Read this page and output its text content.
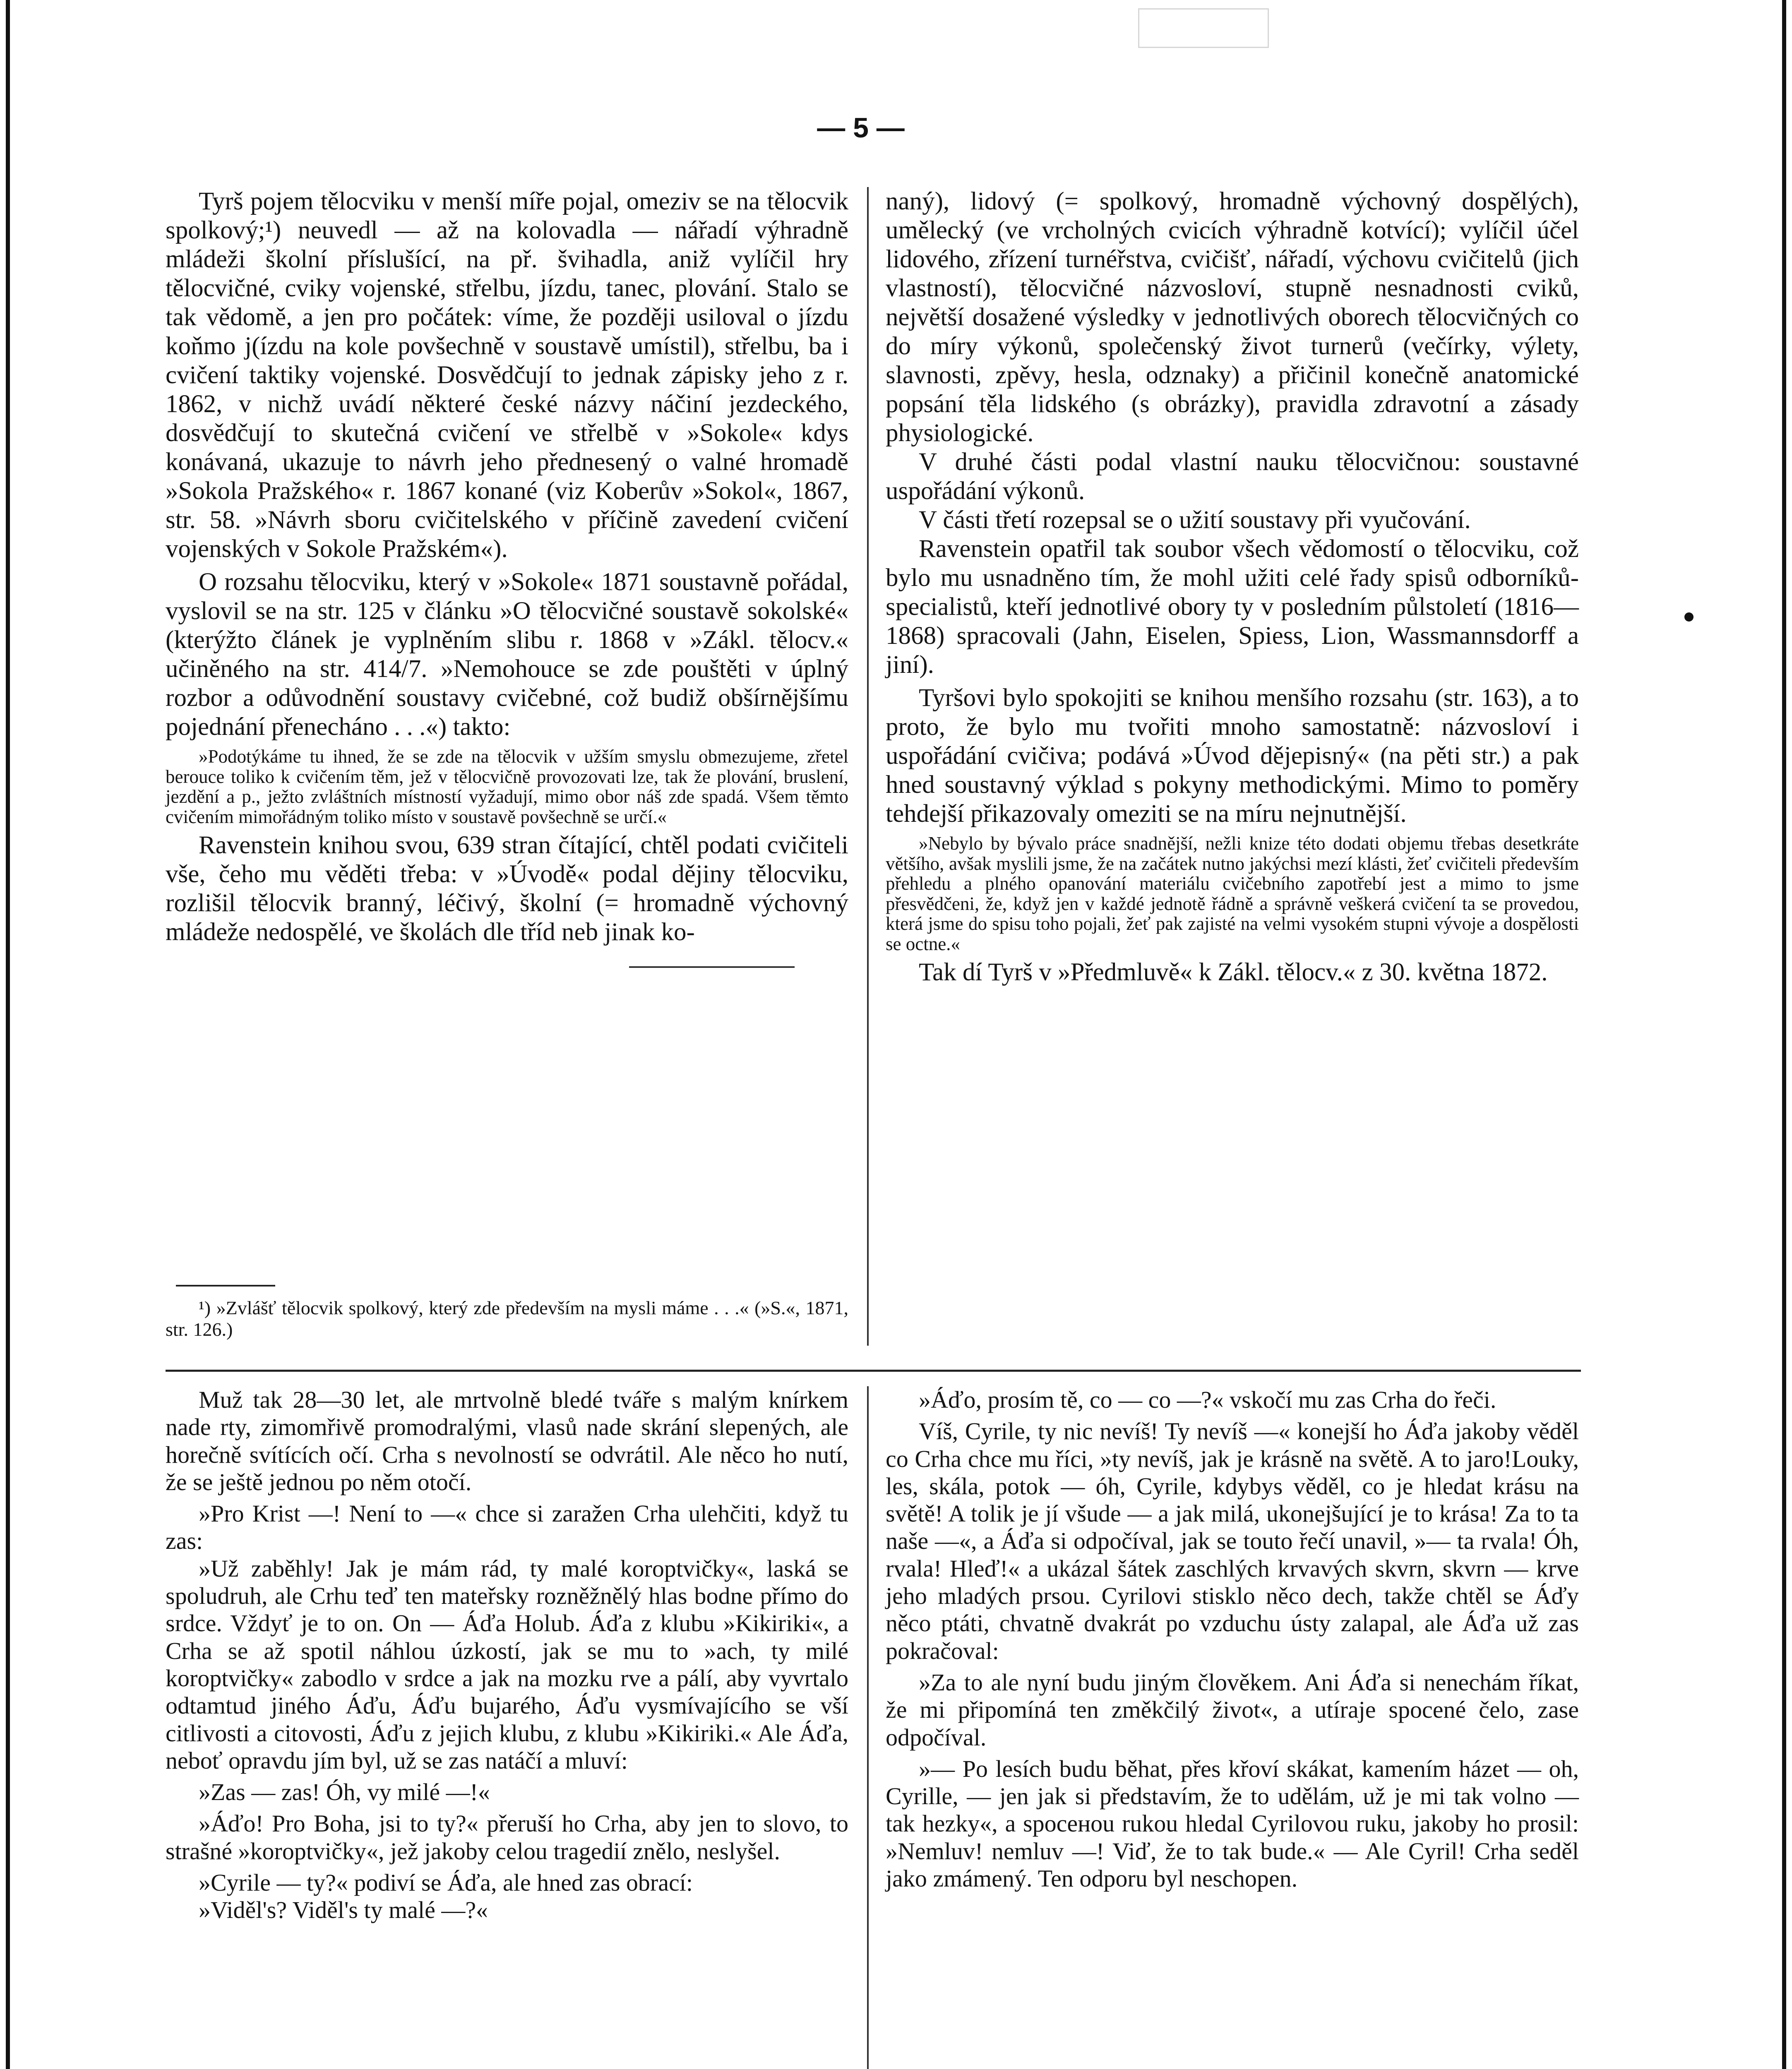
— 5 —

Tyrš pojem tělocviku v menší míře pojal, omeziv se na tělocvik spolkový;¹) neuvedl — až na kolovadla — nářadí výhradně mládeži školní příslušící, na př. švihadla, aniž vylíčil hry tělocvičné, cviky vojenské, střelbu, jízdu, tanec, plování. Stalo se tak vědomě, a jen pro počátek: víme, že později usiloval o jízdu koňmo j(ízdu na kole povšechně v soustavě umístil), střelbu, ba i cvičení taktiky vojenské. Dosvědčují to jednak zápisky jeho z r. 1862, v nichž uvádí některé české názvy náčiní jezdeckého, dosvědčují to skutečná cvičení ve střelbě v »Sokole« kdys konávaná, ukazuje to návrh jeho přednesený o valné hromadě »Sokola Pražského« r. 1867 konané (viz Koberův »Sokol«, 1867, str. 58. »Návrh sboru cvičitelského v příčině zavedení cvičení vojenských v Sokole Pražském«).

O rozsahu tělocviku, který v »Sokole« 1871 soustavně pořádal, vyslovil se na str. 125 v článku »O tělocvičné soustavě sokolské« (kterýžto článek je vyplněním slibu r. 1868 v »Zákl. tělocv.« učiněného na str. 414/7. »Nemohouce se zde pouštěti v úplný rozbor a odůvodnění soustavy cvičebné, což budiž obšírnějšímu pojednání přenecháno . . .«) takto:

»Podotýkáme tu ihned, že se zde na tělocvik v užším smyslu obmezujeme, zřetel berouce toliko k cvičením těm, jež v tělocvičně provozovati lze, tak že plování, bruslení, jezdění a p., ježto zvláštních místností vyžadují, mimo obor náš zde spadá. Všem těmto cvičením mimořádným toliko místo v soustavě povšechně se určí.«

Ravenstein knihou svou, 639 stran čítající, chtěl podati cvičiteli vše, čeho mu věděti třeba: v »Úvodě« podal dějiny tělocviku, rozlišil tělocvik branný, léčivý, školní (= hromadně výchovný mládeže nedospělé, ve školách dle tříd neb jinak ko-

¹) »Zvlášť tělocvik spolkový, který zde především na mysli máme . . .« (»S.«, 1871, str. 126.)

naný), lidový (= spolkový, hromadně výchovný dospělých), umělecký (ve vrcholných cvicích výhradně kotvící); vylíčil účel lidového, zřízení turnéřstva, cvičišť, nářadí, výchovu cvičitelů (jich vlastností), tělocvičné názvosloví, stupně nesnadnosti cviků, největší dosažené výsledky v jednotlivých oborech tělocvičných co do míry výkonů, společenský život turnerů (večírky, výlety, slavnosti, zpěvy, hesla, odznaky) a přičinil konečně anatomické popsání těla lidského (s obrázky), pravidla zdravotní a zásady physiologické.

V druhé části podal vlastní nauku tělocvičnou: soustavné uspořádání výkonů.

V části třetí rozepsal se o užití soustavy při vyučování.

Ravenstein opatřil tak soubor všech vědomostí o tělocviku, což bylo mu usnadněno tím, že mohl užiti celé řady spisů odborníků-specialistů, kteří jednotlivé obory ty v posledním půlstoletí (1816—1868) spracovali (Jahn, Eiselen, Spiess, Lion, Wassmannsdorff a jiní).

Tyršovi bylo spokojiti se knihou menšího rozsahu (str. 163), a to proto, že bylo mu tvořiti mnoho samostatně: názvosloví i uspořádání cvičiva; podává »Úvod dějepisný« (na pěti str.) a pak hned soustavný výklad s pokyny methodickými. Mimo to poměry tehdejší přikazovaly omeziti se na míru nejnutnější.

»Nebylo by bývalo práce snadnější, nežli knize této dodati objemu třebas desetkráte většího, avšak myslili jsme, že na začátek nutno jakýchsi mezí klásti, žeť cvičiteli především přehledu a plného opanování materiálu cvičebního zapotřebí jest a mimo to jsme přesvědčeni, že, když jen v každé jednotě řádně a správně veškerá cvičení ta se provedou, která jsme do spisu toho pojali, žeť pak zajisté na velmi vysokém stupni vývoje a dospělosti se octne.«

Tak dí Tyrš v »Předmluvě« k Zákl. tělocv.« z 30. května 1872.

Muž tak 28—30 let, ale mrtvolně bledé tváře s malým knírkem nade rty, zimomřivě promodralými, vlasů nade skrání slepených, ale horečně svítících očí. Crha s nevolností se odvrátil. Ale něco ho nutí, že se ještě jednou po něm otočí.

»Pro Krist —! Není to —« chce si zaražen Crha ulehčiti, když tu zas:

»Už zaběhly! Jak je mám rád, ty malé koroptvičky«, laská se spoludruh, ale Crhu teď ten mateřsky rozněžnělý hlas bodne přímo do srdce. Vždyť je to on. On — Áďa Holub. Áďa z klubu »Kikiriki«, a Crha se až spotil náhlou úzkostí, jak se mu to »ach, ty milé koroptvičky« zabodlo v srdce a jak na mozku rve a pálí, aby vyvrtalo odtamtud jiného Áďu, Áďu bujarého, Áďu vysmívajícího se vší citlivosti a citovosti, Áďu z jejich klubu, z klubu »Kikiriki.« Ale Áďa, neboť opravdu jím byl, už se zas natáčí a mluví:

»Zas — zas! Óh, vy milé —!«

»Áďo! Pro Boha, jsi to ty?« přeruší ho Crha, aby jen to slovo, to strašné »koroptvičky«, jež jakoby celou tragedií znělo, neslyšel.

»Cyrile — ty?« podiví se Áďa, ale hned zas obrací:

»Viděl's? Viděl's ty malé —?«

»Áďo, prosím tě, co — co —?« vskočí mu zas Crha do řeči.

Víš, Cyrile, ty nic nevíš! Ty nevíš —« konejší ho Áďa jakoby věděl co Crha chce mu říci, »ty nevíš, jak je krásně na světě. A to jaro!Louky, les, skála, potok — óh, Cyrile, kdybys věděl, co je hledat krásu na světě! A tolik je jí všude — a jak milá, ukonejšující je to krása! Za to ta naše —«, a Áďa si odpočíval, jak se touto řečí unavil, »— ta rvala! Óh, rvala! Hleď!« a ukázal šátek zaschlých krvavých skvrn, skvrn — krve jeho mladých prsou. Cyrilovi stisklo něco dech, takže chtěl se Áďy něco ptáti, chvatně dvakrát po vzduchu ústy zalapal, ale Áďa už zas pokračoval:

»Za to ale nyní budu jiným člověkem. Ani Áďa si nenechám říkat, že mi připomíná ten změkčilý život«, a utíraje spocené čelo, zase odpočíval.

»— Po lesích budu běhat, přes křoví skákat, kamením házet — oh, Cyrille, — jen jak si představím, že to udělám, už je mi tak volno — tak hezky«, a spoceнou rukou hledal Cyrilovou ruku, jakoby ho prosil: »Nemluv! nemluv —! Viď, že to tak bude.« — Ale Cyril! Crha seděl jako zmámený. Ten odporu byl neschopen.
